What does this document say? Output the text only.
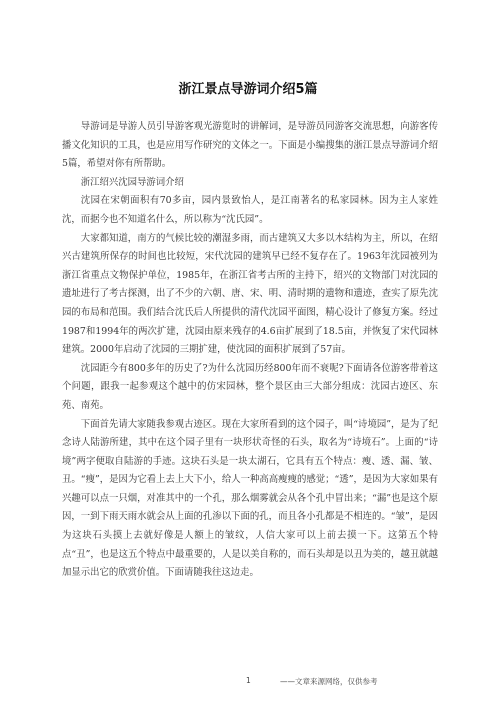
浙江景点导游词介绍5篇

导游词是导游人员引导游客观光游览时的讲解词，是导游员同游客交流思想，向游客传播文化知识的工具，也是应用写作研究的文体之一。下面是小编搜集的浙江景点导游词介绍5篇，希望对你有所帮助。

浙江绍兴沈园导游词介绍

沈园在宋朝面积有70多亩，园内景致怡人，是江南著名的私家园林。因为主人家姓沈，而据今也不知道名什么，所以称为“沈氏园”。

大家都知道，南方的气候比较的潮湿多雨，而古建筑又大多以木结构为主，所以，在绍兴古建筑所保存的时间也比较短，宋代沈园的建筑早已经不复存在了。1963年沈园被列为浙江省重点文物保护单位，1985年，在浙江省考古所的主持下，绍兴的文物部门对沈园的遗址进行了考古探测，出了不少的六朝、唐、宋、明、清时期的遗物和遗迹，查实了原先沈园的布局和范围。我们结合沈氏后人所提供的清代沈园平面图，精心设计了修复方案。经过1987和1994年的两次扩建，沈园由原来残存的4.6亩扩展到了18.5亩，并恢复了宋代园林建筑。2000年启动了沈园的三期扩建，使沈园的面积扩展到了57亩。

沈园距今有800多年的历史了?为什么沈园历经800年而不衰呢?下面请各位游客带着这个问题，跟我一起参观这个越中的仿宋园林，整个景区由三大部分组成：沈园古迹区、东苑、南苑。

下面首先请大家随我参观古迹区。现在大家所看到的这个园子，叫“诗境园”，是为了纪念诗人陆游所建，其中在这个园子里有一块形状奇怪的石头，取名为“诗境石”。上面的“诗境”两字便取自陆游的手迹。这块石头是一块太湖石，它具有五个特点：瘦、透、漏、皱、丑。“瘦”，是因为它看上去上大下小，给人一种高高瘦瘦的感觉；“透”，是因为大家如果有兴趣可以点一只烟，对准其中的一个孔，那么烟雾就会从各个孔中冒出来；“漏”也是这个原因，一到下雨天雨水就会从上面的孔渗以下面的孔，而且各小孔都是不相连的。“皱”，是因为这块石头摸上去就好像是人额上的皱纹，人信大家可以上前去摸一下。这第五个特点“丑”，也是这五个特点中最重要的，人是以美自称的，而石头却是以丑为美的，越丑就越加显示出它的欣赏价值。下面请随我往这边走。

1	——文章来源网络，仅供参考
